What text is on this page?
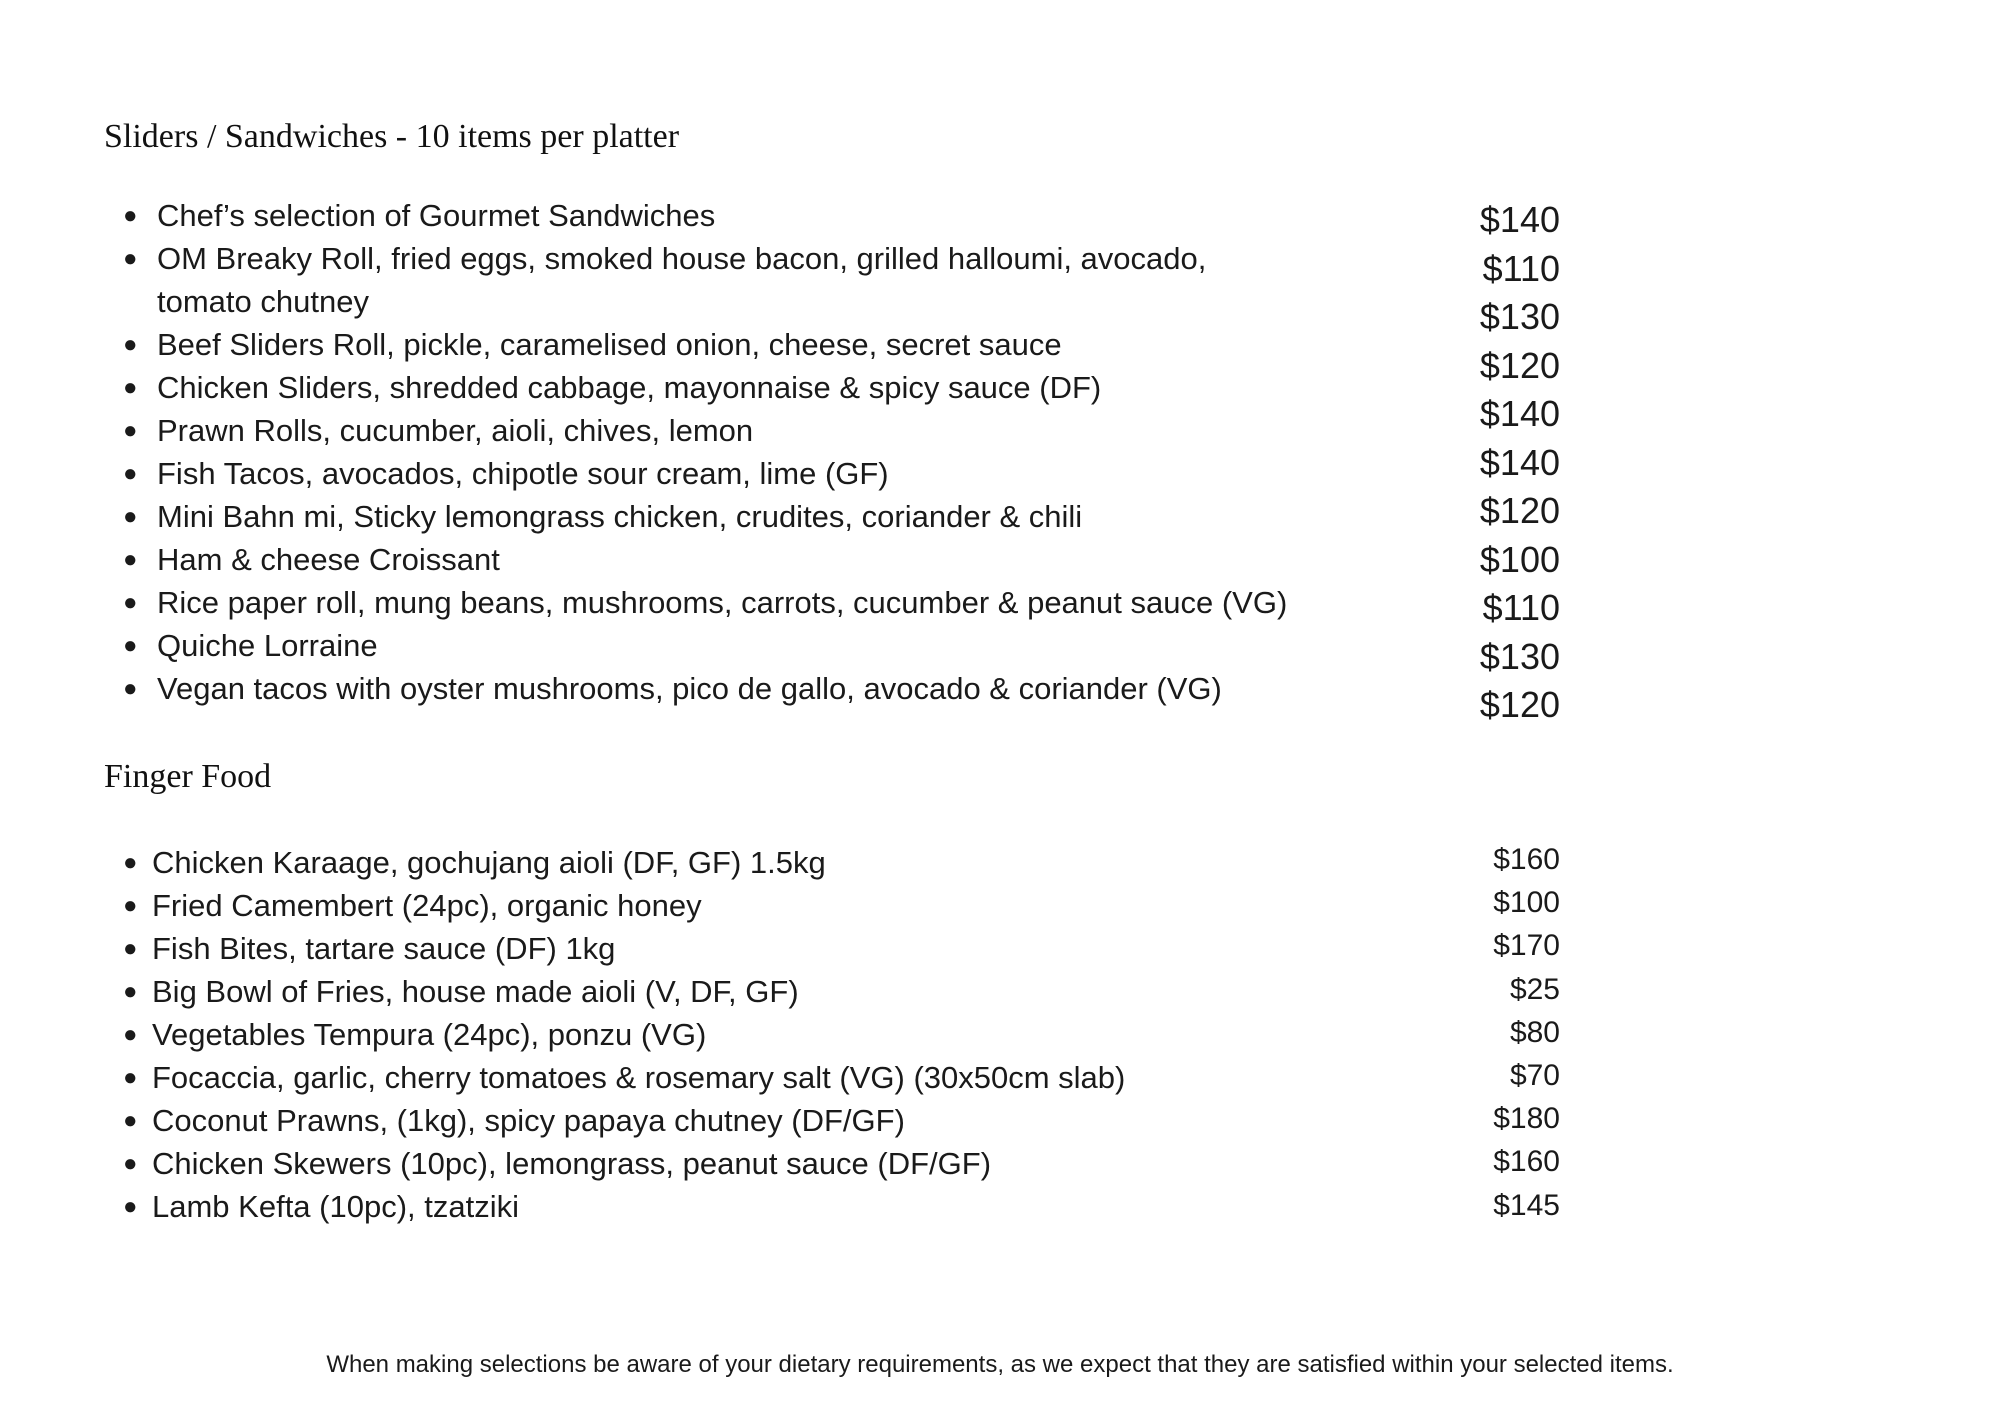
Sliders / Sandwiches - 10 items per platter
● Chef’s selection of Gourmet Sandwiches
● OM Breaky Roll, fried eggs, smoked house bacon, grilled halloumi, avocado,
tomato chutney
● Beef Sliders Roll, pickle, caramelised onion, cheese, secret sauce
● Chicken Sliders, shredded cabbage, mayonnaise & spicy sauce (DF)
● Prawn Rolls, cucumber, aioli, chives, lemon
● Fish Tacos, avocados, chipotle sour cream, lime (GF)
● Mini Bahn mi, Sticky lemongrass chicken, crudites, coriander & chili
● Ham & cheese Croissant
● Rice paper roll, mung beans, mushrooms, carrots, cucumber & peanut sauce (VG)
● Quiche Lorraine
● Vegan tacos with oyster mushrooms, pico de gallo, avocado & coriander (VG)
$140
$110
$130
$120
$140
$140
$120
$100
$110
$130
$120
Finger Food
● Chicken Karaage, gochujang aioli (DF, GF) 1.5kg
● Fried Camembert (24pc), organic honey
● Fish Bites, tartare sauce (DF) 1kg
● Big Bowl of Fries, house made aioli (V, DF, GF)
● Vegetables Tempura (24pc), ponzu (VG)
● Focaccia, garlic, cherry tomatoes & rosemary salt (VG) (30x50cm slab)
● Coconut Prawns, (1kg), spicy papaya chutney (DF/GF)
● Chicken Skewers (10pc), lemongrass, peanut sauce (DF/GF)
● Lamb Kefta (10pc), tzatziki
$160
$100
$170
$25
$80
$70
$180
$160
$145

When making selections be aware of your dietary requirements, as we expect that they are satisfied within your selected items.
